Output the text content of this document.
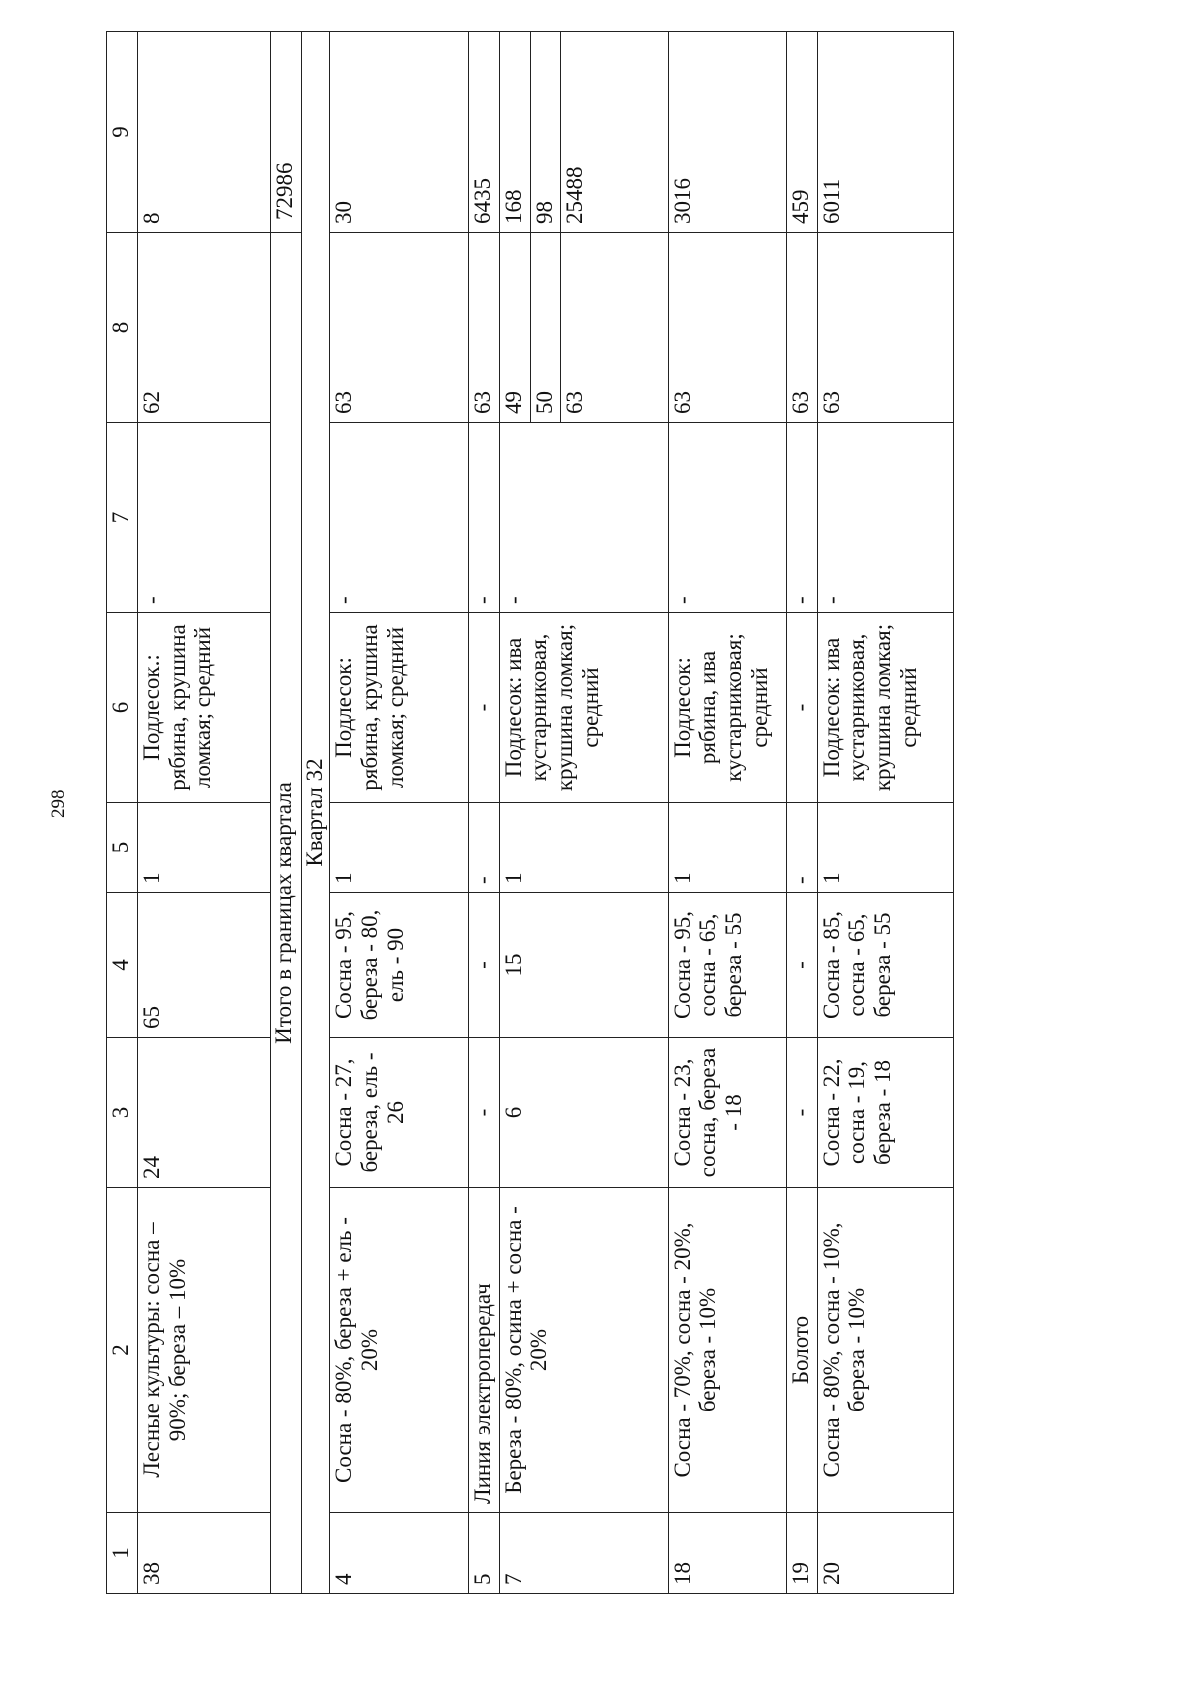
298
1	2	3	4	5	6	7	8	9
38	Лесные культуры: сосна – 90%; береза – 10%	24	65	1	Подлесок.: рябина, крушина ломкая; средний	-	62	8
Итого в границах квартала								72986
Квартал 32								
4	Сосна - 80%, береза + ель - 20%	Сосна - 27, береза, ель - 26	Сосна - 95, береза - 80, ель - 90	1	Подлесок: рябина, крушина ломкая; средний	-	63	30
5	Линия электропередач	-	-	-	-	-	63	6435
7	Береза - 80%, осина + сосна - 20%	6	15	1	Подлесок: ива кустарниковая, крушина ломкая; средний	-	49	168
							50	98
							63	25488
18	Сосна - 70%, сосна - 20%, береза - 10%	Сосна - 23, сосна, береза - 18	Сосна - 95, сосна - 65, береза - 55	1	Подлесок: рябина, ива кустарниковая; средний	-	63	3016
19	Болото	-	-	-	-	-	63	459
20	Сосна - 80%, сосна - 10%, береза - 10%	Сосна - 22, сосна - 19, береза - 18	Сосна - 85, сосна - 65, береза - 55	1	Подлесок: ива кустарниковая, крушина ломкая; средний	-	63	6011
